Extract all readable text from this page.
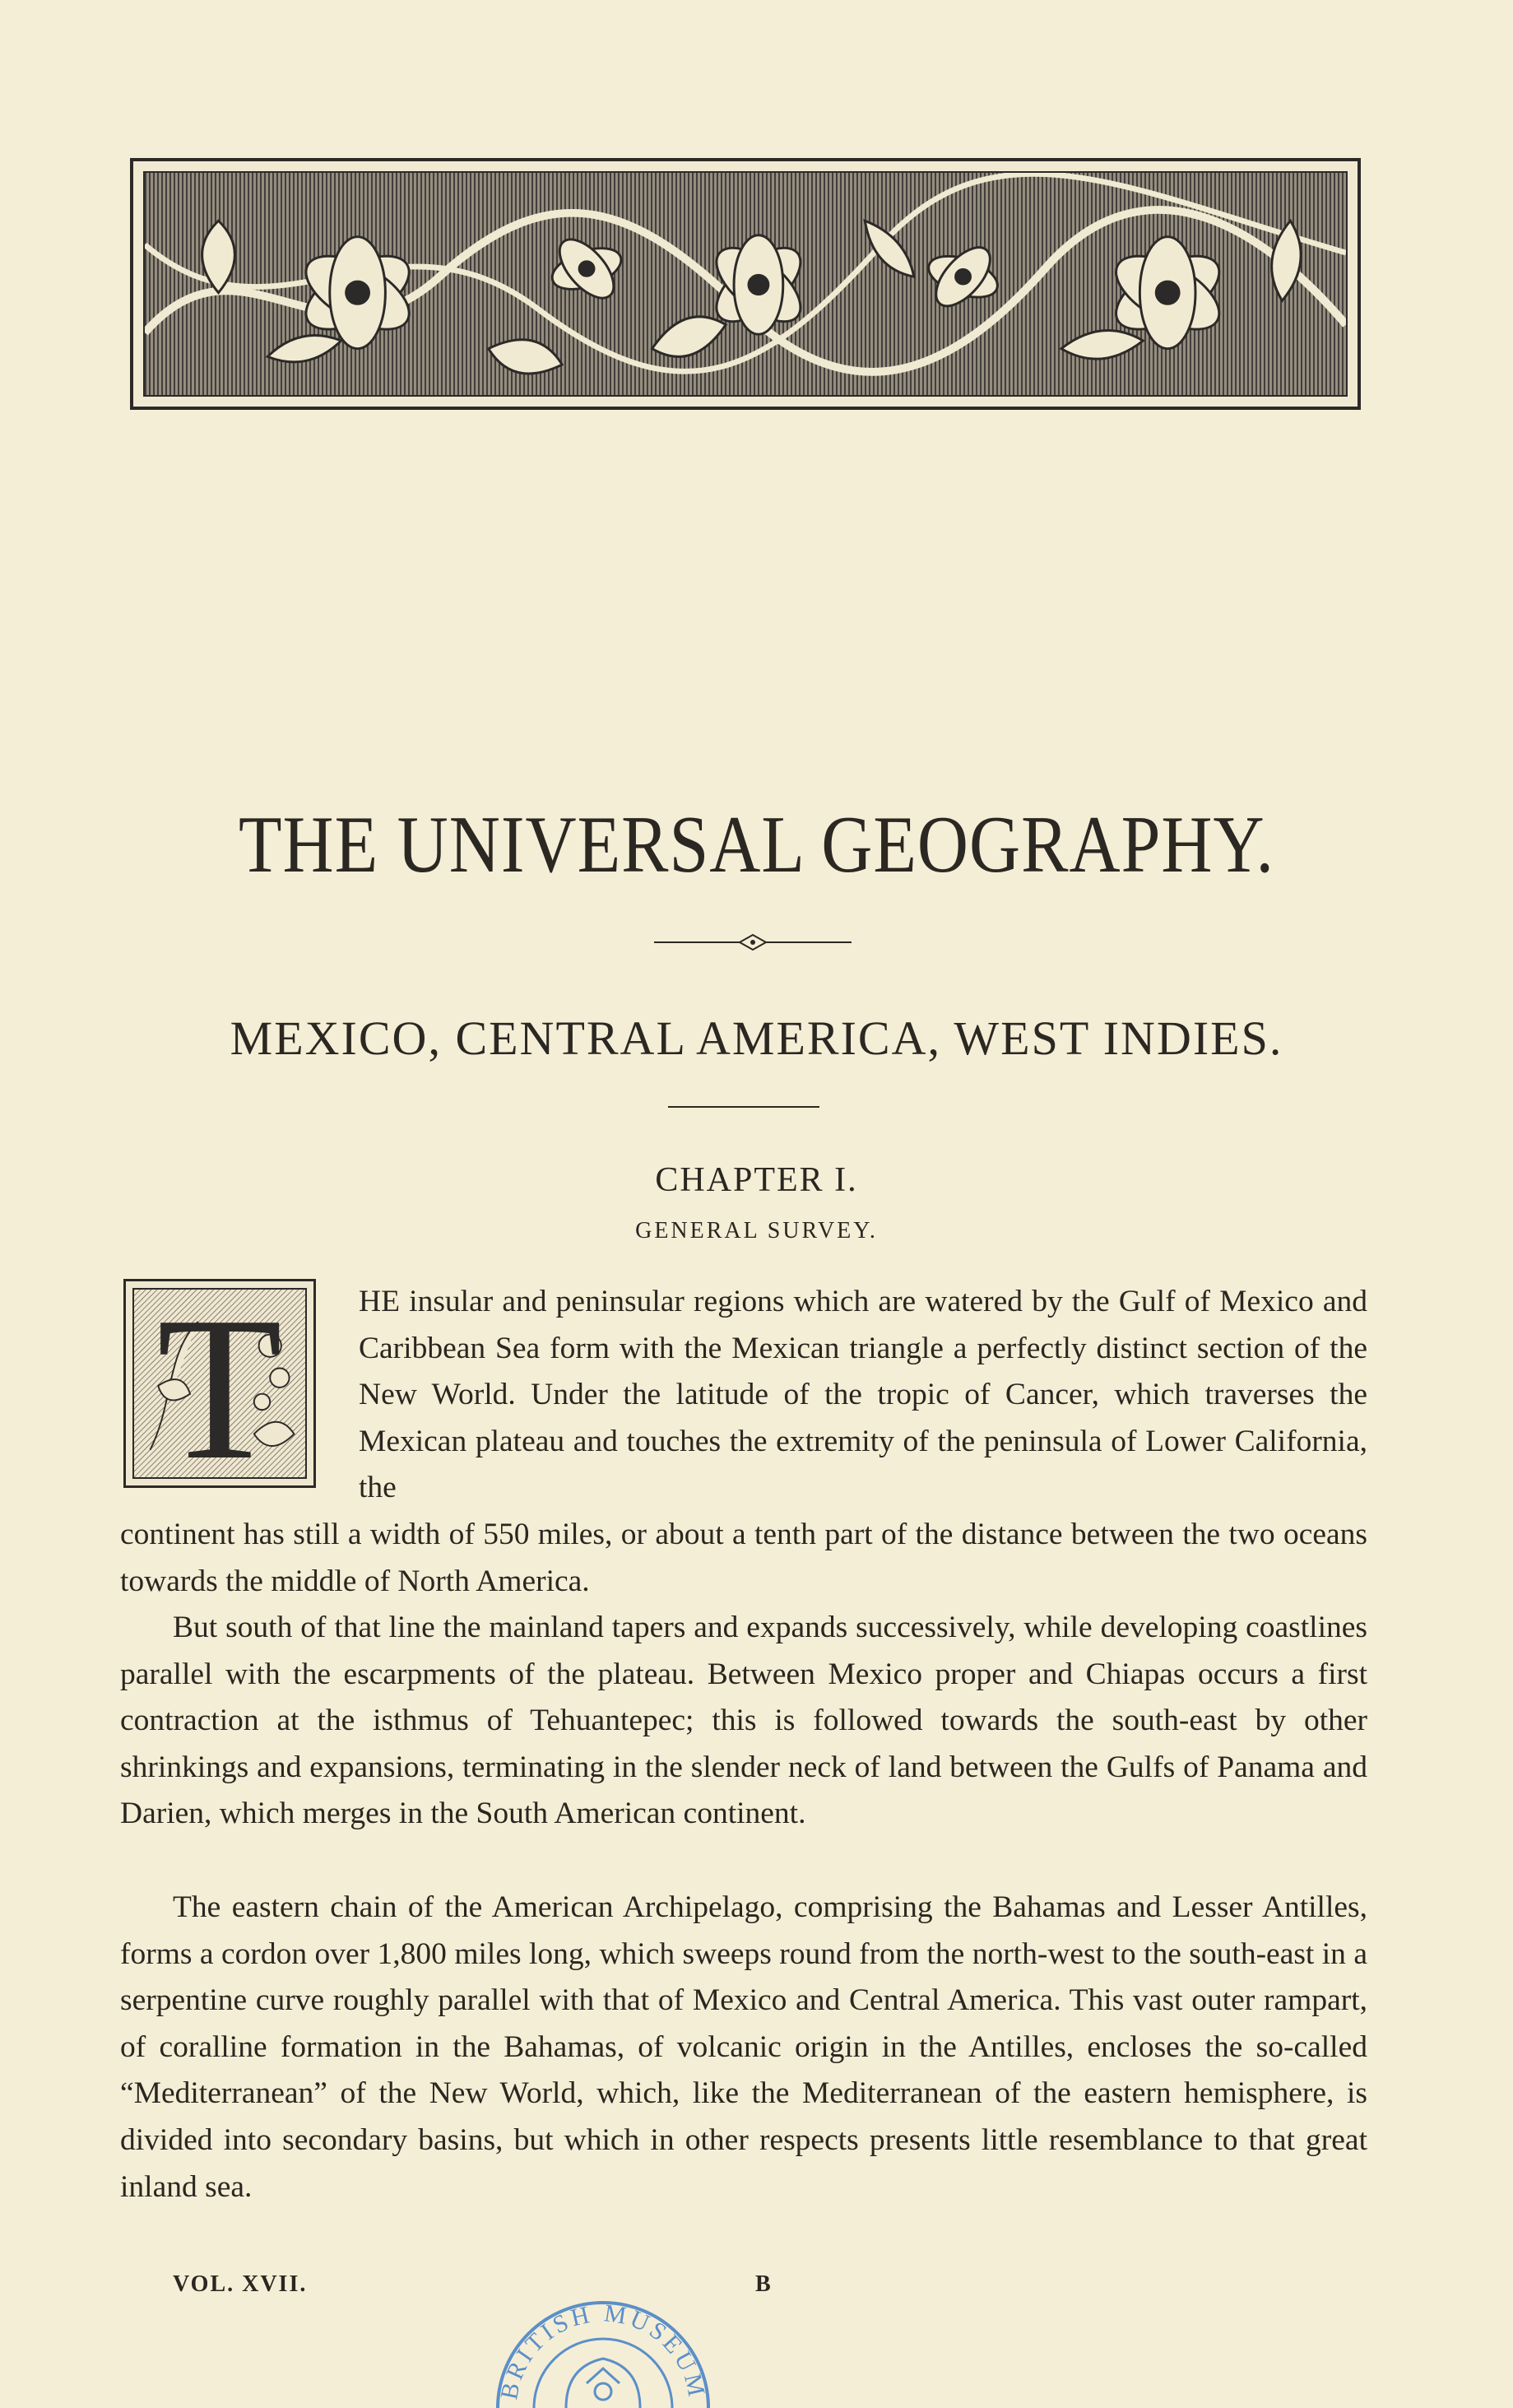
THE UNIVERSAL GEOGRAPHY.
MEXICO, CENTRAL AMERICA, WEST INDIES.
CHAPTER I.
GENERAL SURVEY.
T	HE insular and peninsular regions which are watered by the Gulf of Mexico and Caribbean Sea form with the Mexican triangle a perfectly distinct section of the New World. Under the latitude of the tropic of Cancer, which traverses the Mexican plateau and touches the extremity of the peninsula of Lower California, the
continent has still a width of 550 miles, or about a tenth part of the distance between the two oceans towards the middle of North America.
But south of that line the mainland tapers and expands successively, while developing coastlines parallel with the escarpments of the plateau. Between Mexico proper and Chiapas occurs a first contraction at the isthmus of Tehuantepec; this is followed towards the south-east by other shrinkings and expansions, terminating in the slender neck of land between the Gulfs of Panama and Darien, which merges in the South American continent.
The eastern chain of the American Archipelago, comprising the Bahamas and Lesser Antilles, forms a cordon over 1,800 miles long, which sweeps round from the north-west to the south-east in a serpentine curve roughly parallel with that of Mexico and Central America. This vast outer rampart, of coralline formation in the Bahamas, of volcanic origin in the Antilles, encloses the so-called “Mediterranean” of the New World, which, like the Mediterranean of the eastern hemisphere, is divided into secondary basins, but which in other respects presents little resemblance to that great inland sea.
VOL. XVII.	B
BRITISH MUSEUM
